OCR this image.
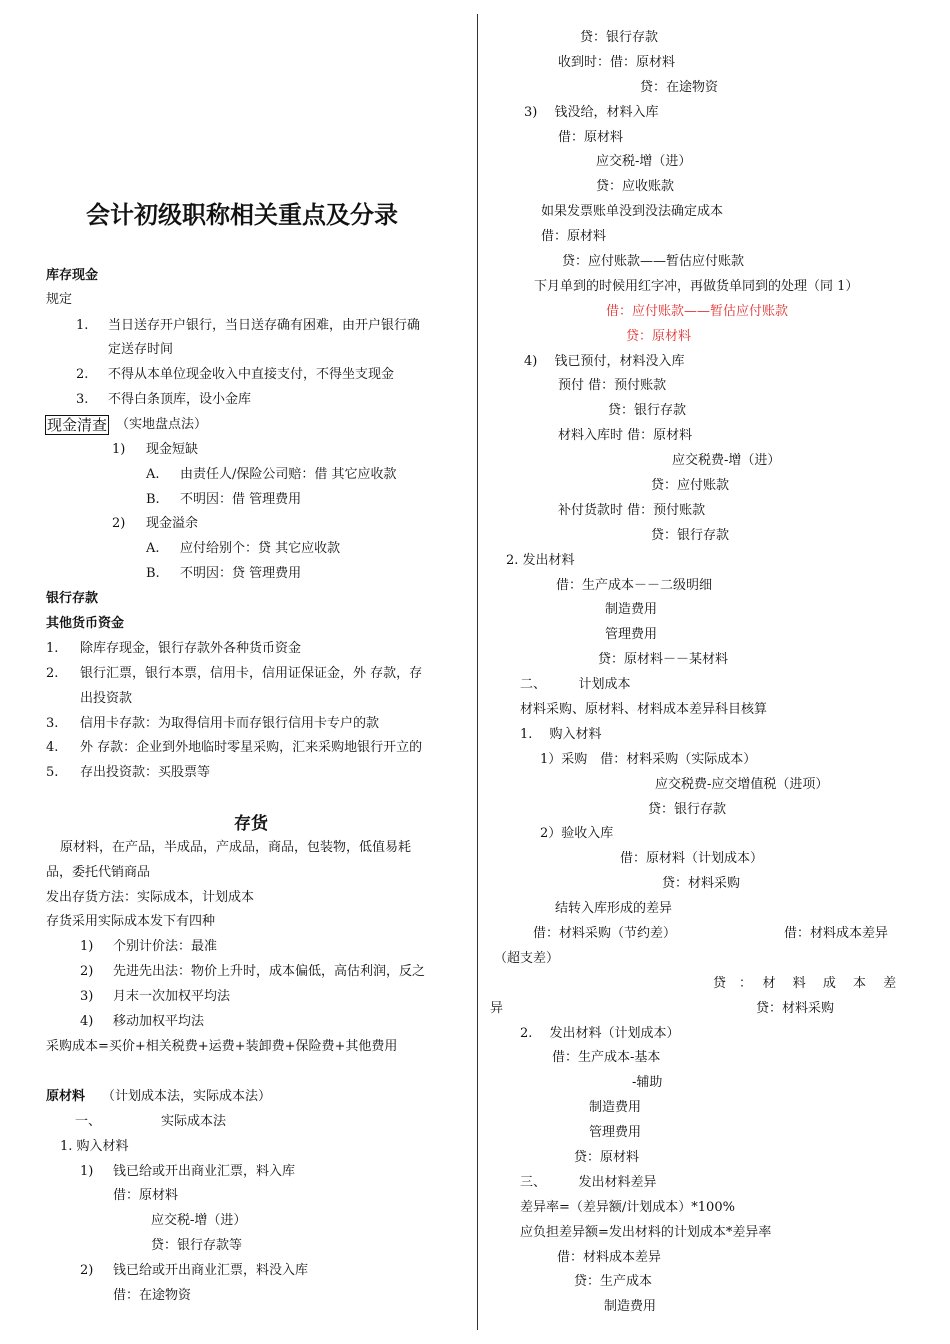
会计初级职称相关重点及分录
库存现金
规定
1. 当日送存开户银行，当日送存确有困难，由开户银行确
定送存时间
2. 不得从本单位现金收入中直接支付，不得坐支现金
3. 不得白条顶库，设小金库
现金清查 （实地盘点法）
1) 现金短缺
A. 由责任人/保险公司赔：借 其它应收款
B. 不明因：借 管理费用
2) 现金溢余
A. 应付给别个：贷 其它应收款
B. 不明因：贷 管理费用
银行存款
其他货币资金
1. 除库存现金，银行存款外各种货币资金
2. 银行汇票，银行本票，信用卡，信用证保证金，外 存款，存
出投资款
3. 信用卡存款：为取得信用卡而存银行信用卡专户的款
4. 外 存款：企业到外地临时零星采购，汇来采购地银行开立的
5. 存出投资款：买股票等
存货
原材料，在产品，半成品，产成品，商品，包装物，低值易耗
品，委托代销商品
发出存货方法：实际成本，计划成本
存货采用实际成本发下有四种
1) 个别计价法：最准
2) 先进先出法：物价上升时，成本偏低，高估利润，反之
3) 月末一次加权平均法
4) 移动加权平均法
采购成本=买价+相关税费+运费+装卸费+保险费+其他费用
原材料 （计划成本法，实际成本法）
一、	实际成本法
1. 购入材料
1) 钱已给或开出商业汇票，料入库
借：原材料
应交税-增（进）
贷：银行存款等
2) 钱已给或开出商业汇票，料没入库
借：在途物资
贷：银行存款
收到时：借：原材料
贷：在途物资
3)　 钱没给，材料入库
借：原材料
应交税-增（进）
贷：应收账款
如果发票账单没到没法确定成本
借：原材料
贷：应付账款——暂估应付账款
下月单到的时候用红字冲，再做货单同到的处理（同 1）
借：应付账款——暂估应付账款
贷：原材料
4)　 钱已预付，材料没入库
预付 借：预付账款
贷：银行存款
材料入库时 借：原材料
应交税费-增（进）
贷：应付账款
补付货款时 借：预付账款
贷：银行存款
2. 发出材料
借：生产成本－－二级明细
制造费用
管理费用
贷：原材料－－某材料
二、　　　计划成本
材料采购、原材料、材料成本差异科目核算
1.　 购入材料
1）采购　借：材料采购（实际成本）
应交税费-应交增值税（进项）
贷：银行存款
2）验收入库
借：原材料（计划成本）
贷：材料采购
结转入库形成的差异
借：材料采购（节约差）	借：材料成本差异
（超支差）
贷　：　 材　 料　 成　 本　 差
异	贷：材料采购
2.　 发出材料（计划成本）
借：生产成本-基本
-辅助
制造费用
管理费用
贷：原材料
三、　　　发出材料差异
差异率=（差异额/计划成本）*100%
应负担差异额=发出材料的计划成本*差异率
借：材料成本差异
贷：生产成本
制造费用
